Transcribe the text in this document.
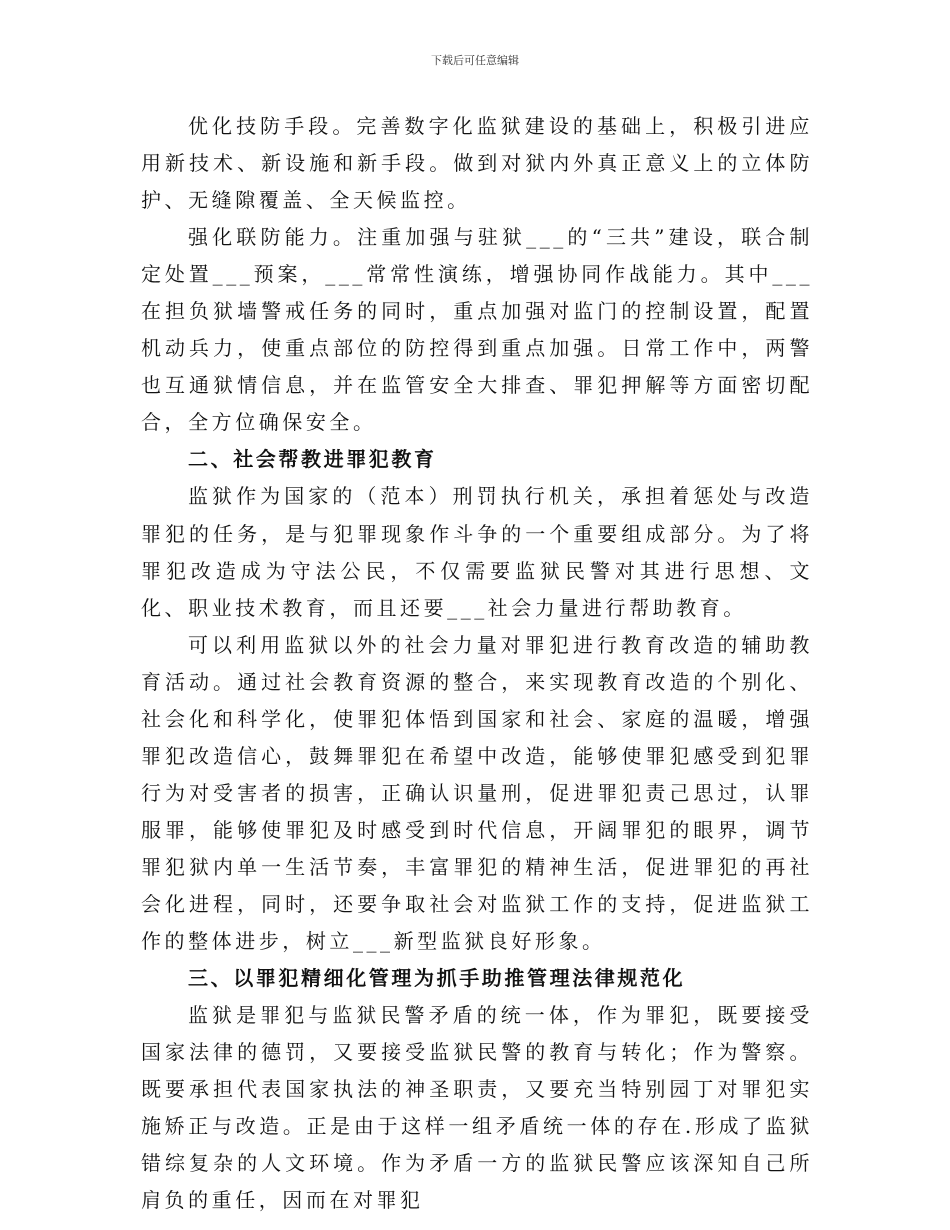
下载后可任意编辑

优化技防手段。完善数字化监狱建设的基础上，积极引进应用新技术、新设施和新手段。做到对狱内外真正意义上的立体防护、无缝隙覆盖、全天候监控。

强化联防能力。注重加强与驻狱___的“三共”建设，联合制定处置___预案，___常常性演练，增强协同作战能力。其中___在担负狱墙警戒任务的同时，重点加强对监门的控制设置，配置机动兵力，使重点部位的防控得到重点加强。日常工作中，两警也互通狱情信息，并在监管安全大排查、罪犯押解等方面密切配合，全方位确保安全。

二、社会帮教进罪犯教育

监狱作为国家的（范本）刑罚执行机关，承担着惩处与改造罪犯的任务，是与犯罪现象作斗争的一个重要组成部分。为了将罪犯改造成为守法公民，不仅需要监狱民警对其进行思想、文化、职业技术教育，而且还要___社会力量进行帮助教育。

可以利用监狱以外的社会力量对罪犯进行教育改造的辅助教育活动。通过社会教育资源的整合，来实现教育改造的个别化、社会化和科学化，使罪犯体悟到国家和社会、家庭的温暖，增强罪犯改造信心，鼓舞罪犯在希望中改造，能够使罪犯感受到犯罪行为对受害者的损害，正确认识量刑，促进罪犯责己思过，认罪服罪，能够使罪犯及时感受到时代信息，开阔罪犯的眼界，调节罪犯狱内单一生活节奏，丰富罪犯的精神生活，促进罪犯的再社会化进程，同时，还要争取社会对监狱工作的支持，促进监狱工作的整体进步，树立___新型监狱良好形象。

三、以罪犯精细化管理为抓手助推管理法律规范化

监狱是罪犯与监狱民警矛盾的统一体，作为罪犯，既要接受国家法律的德罚，又要接受监狱民警的教育与转化；作为警察。既要承担代表国家执法的神圣职责，又要充当特别园丁对罪犯实施矫正与改造。正是由于这样一组矛盾统一体的存在.形成了监狱错综复杂的人文环境。作为矛盾一方的监狱民警应该深知自己所肩负的重任，因而在对罪犯
